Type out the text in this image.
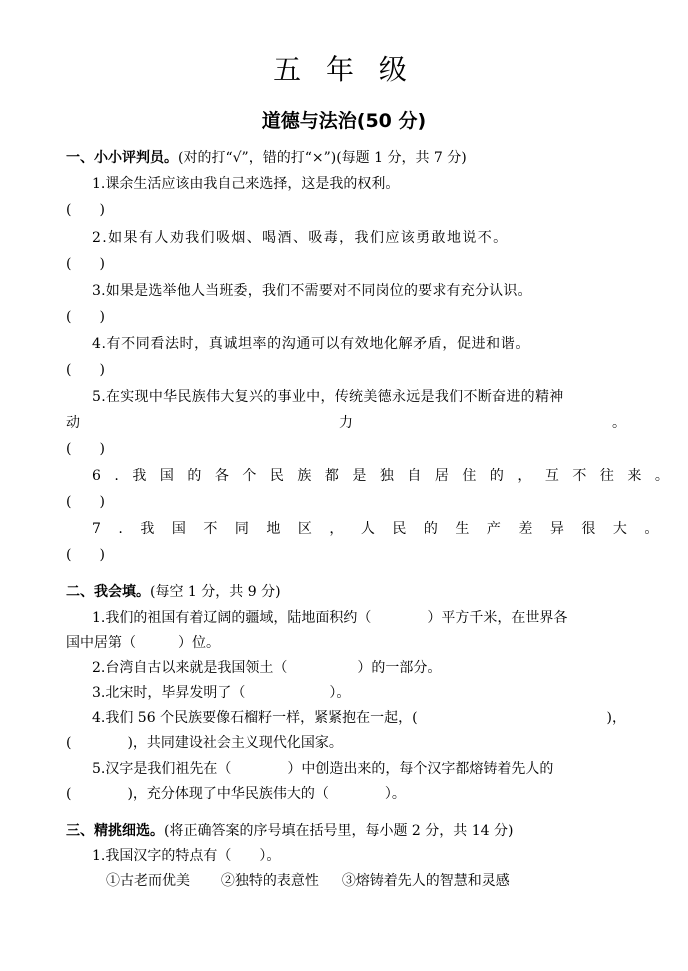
五 年 级
道德与法治(50 分)
一、小小评判员。(对的打“√”，错的打“×”)(每题 1 分，共 7 分)
1.课余生活应该由我自己来选择，这是我的权利。
(　　)
2.如果有人劝我们吸烟、喝酒、吸毒，我们应该勇敢地说不。
(　　)
3.如果是选举他人当班委，我们不需要对不同岗位的要求有充分认识。
(　　)
4.有不同看法时，真诚坦率的沟通可以有效地化解矛盾，促进和谐。
(　　)
5.在实现中华民族伟大复兴的事业中，传统美德永远是我们不断奋进的精神
动	力	。
(　　)
6.我国的各个民族都是独自居住的，互不往来。
(　　)
7.我国不同地区，人民的生产差异很大。
(　　)
二、我会填。(每空 1 分，共 9 分)
1.我们的祖国有着辽阔的疆域，陆地面积约（　　　　）平方千米，在世界各
国中居第（　　　）位。
2.台湾自古以来就是我国领土（　　　　　）的一部分。
3.北宋时，毕昇发明了（　　　　　　）。
4.我们 56 个民族要像石榴籽一样，紧紧抱在一起，(	)，
(　　　　)，共同建设社会主义现代化国家。
5.汉字是我们祖先在（　　　　）中创造出来的，每个汉字都熔铸着先人的
(　　　　)，充分体现了中华民族伟大的（　　　　）。
三、精挑细选。(将正确答案的序号填在括号里，每小题 2 分，共 14 分)
1.我国汉字的特点有（　　）。
①古老而优美 ②独特的表意性 ③熔铸着先人的智慧和灵感
